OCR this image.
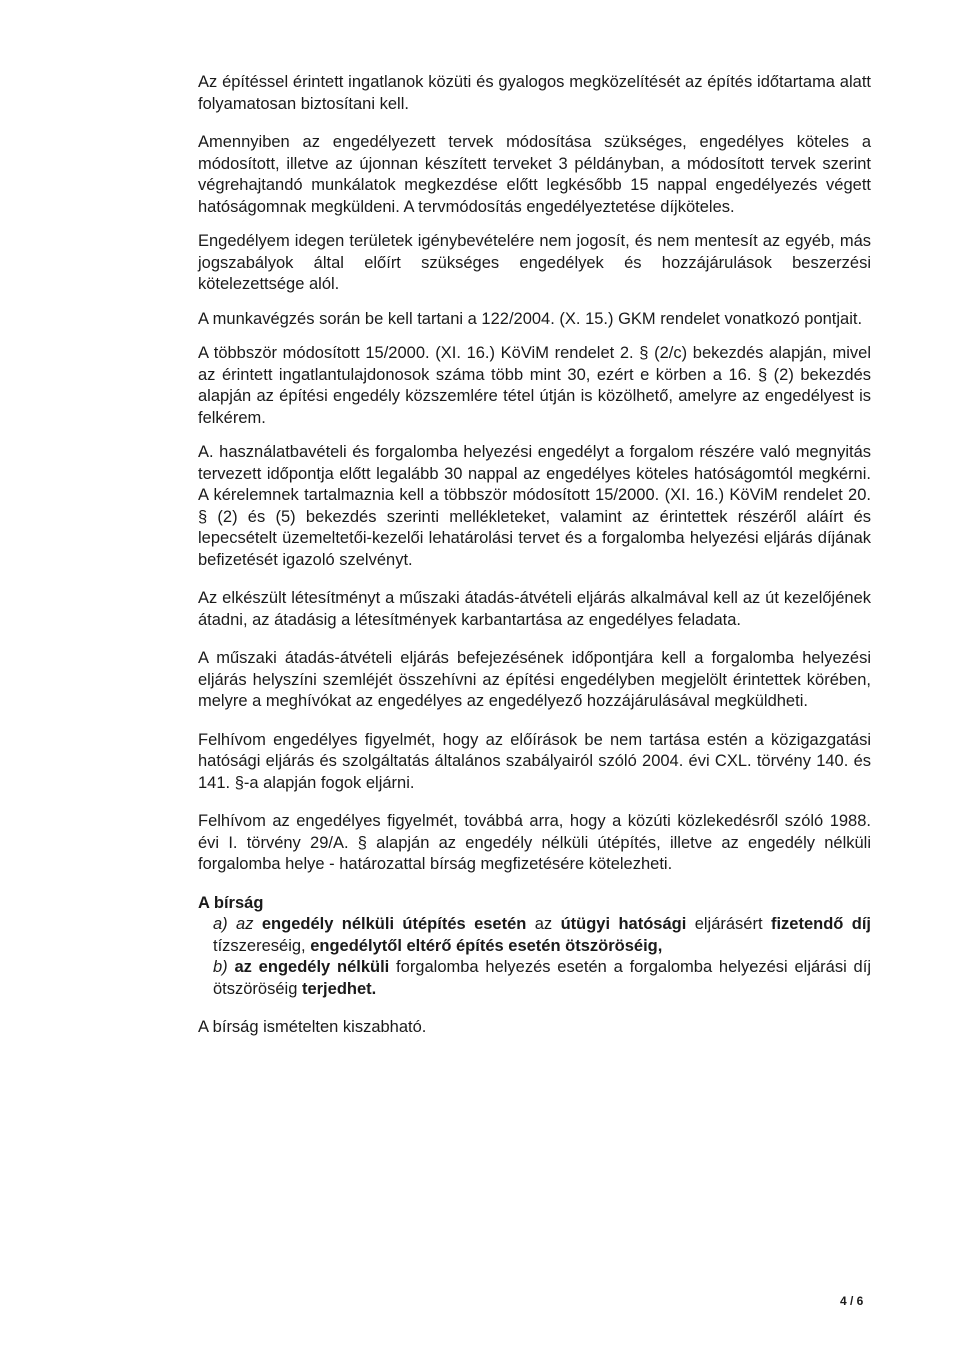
Az építéssel érintett ingatlanok közüti és gyalogos megközelítését az építés időtartama alatt folyamatosan biztosítani kell.

Amennyiben az engedélyezett tervek módosítása szükséges, engedélyes köteles a módosított, illetve az újonnan készített terveket 3 példányban, a módosított tervek szerint végrehajtandó munkálatok megkezdése előtt legkésőbb 15 nappal engedélyezés végett hatóságomnak megküldeni. A tervmódosítás engedélyeztetése díjköteles.

Engedélyem idegen területek igénybevételére nem jogosít, és nem mentesít az egyéb, más jogszabályok által előírt szükséges engedélyek és hozzájárulások beszerzési kötelezettsége alól.

A munkavégzés során be kell tartani a 122/2004. (X. 15.) GKM rendelet vonatkozó pontjait.

A többször módosított 15/2000. (XI. 16.) KöViM rendelet 2. § (2/c) bekezdés alapján, mivel az érintett ingatlantulajdonosok száma több mint 30, ezért e körben a 16. § (2) bekezdés alapján az építési engedély közszemlére tétel útján is közölhető, amelyre az engedélyest is felkérem.

A. használatbavételi és forgalomba helyezési engedélyt a forgalom részére való megnyitás tervezett időpontja előtt legalább 30 nappal az engedélyes köteles hatóságomtól megkérni. A kérelemnek tartalmaznia kell a többször módosított 15/2000. (XI. 16.) KöViM rendelet 20. § (2) és (5) bekezdés szerinti mellékleteket, valamint az érintettek részéről aláírt és lepecsételt üzemeltetői-kezelői lehatárolási tervet és a forgalomba helyezési eljárás díjának befizetését igazoló szelvényt.

Az elkészült létesítményt a műszaki átadás-átvételi eljárás alkalmával kell az út kezelőjének átadni, az átadásig a létesítmények karbantartása az engedélyes feladata.

A műszaki átadás-átvételi eljárás befejezésének időpontjára kell a forgalomba helyezési eljárás helyszíni szemléjét összehívni az építési engedélyben megjelölt érintettek körében, melyre a meghívókat az engedélyes az engedélyező hozzájárulásával megküldheti.

Felhívom engedélyes figyelmét, hogy az előírások be nem tartása estén a közigazgatási hatósági eljárás és szolgáltatás általános szabályairól szóló 2004. évi CXL. törvény 140. és 141. §-a alapján fogok eljárni.

Felhívom az engedélyes figyelmét, továbbá arra, hogy a közúti közlekedésről szóló 1988. évi I. törvény 29/A. § alapján az engedély nélküli útépítés, illetve az engedély nélküli forgalomba helye - határozattal bírság megfizetésére kötelezheti.

A bírság

a) az engedély nélküli útépítés esetén az útügyi hatósági eljárásért fizetendő díj tízszereséig, engedélytől eltérő építés esetén ötszöröséig,

b) az engedély nélküli forgalomba helyezés esetén a forgalomba helyezési eljárási díj ötszöröséig terjedhet.

A bírság ismételten kiszabható.

4 / 6
